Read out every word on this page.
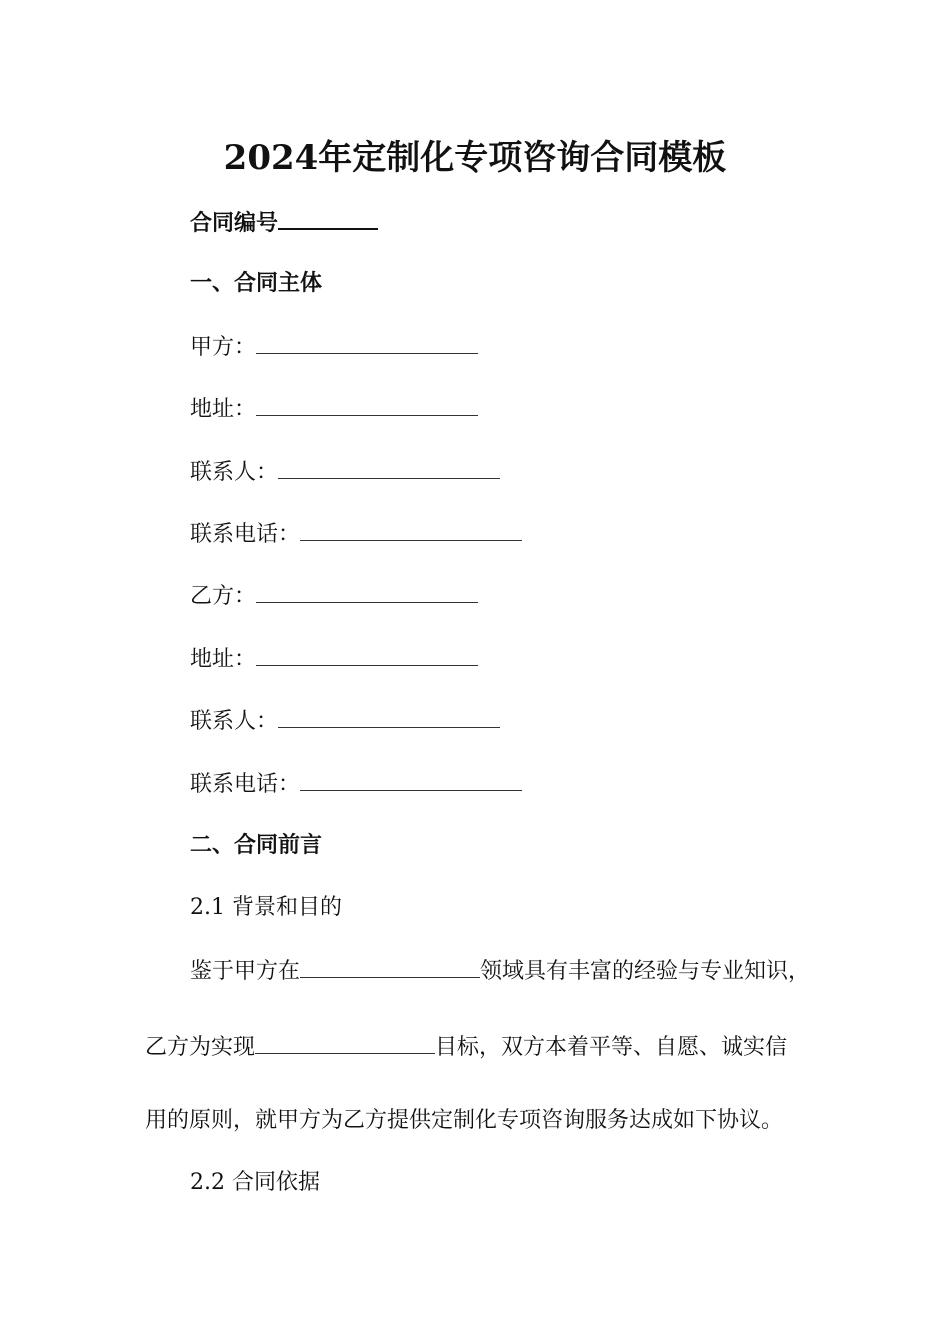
2024年定制化专项咨询合同模板
合同编号
一、合同主体
甲方：
地址：
联系人：
联系电话：
乙方：
地址：
联系人：
联系电话：
二、合同前言
2.1 背景和目的
鉴于甲方在	领域具有丰富的经验与专业知识，
乙方为实现	目标，双方本着平等、自愿、诚实信
用的原则，就甲方为乙方提供定制化专项咨询服务达成如下协议。
2.2 合同依据
